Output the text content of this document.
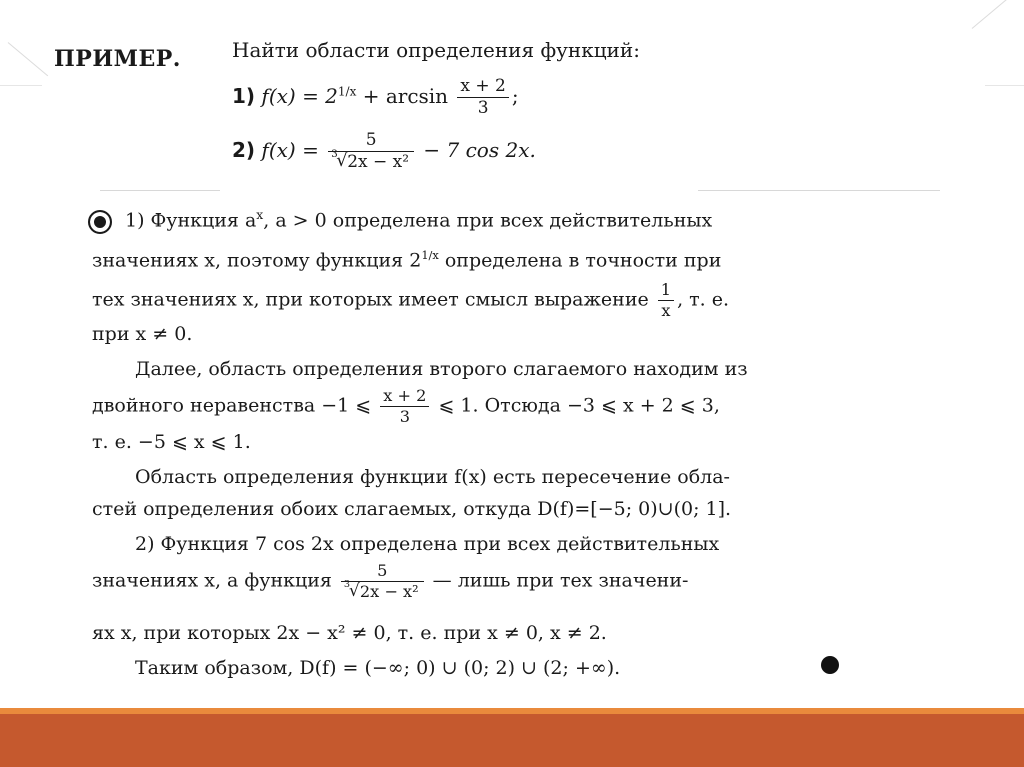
ПРИМЕР.	Найти области определения функций:
1) $f(x) = 2^{1/x} + \arcsin \frac{x + 2}{3}$ ;
2) f(x) = 5
3
√ 2x − x² − 7 cos 2x.
1) Функция $a^x$, a > 0 определена при всех действительных
значениях x, поэтому функция $2^{1/x}$ определена в точности при
тех значениях x, при которых имеет смысл выражение $\frac{1}{x}$ , т. е.
при x ≠ 0.
Далее, область определения второго слагаемого находим из
двойного неравенства −1 ⩽ $\frac{x + 2}{3}$ ⩽ 1. Отсюда −3 ⩽ x + 2 ⩽ 3,
т. е. −5 ⩽ x ⩽ 1.
Область определения функции f(x) есть пересечение обла-
стей определения обоих слагаемых, откуда D(f)=[−5; 0)∪(0; 1].
2) Функция 7 cos 2x определена при всех действительных
значениях x, а функция 5
3
√ 2x − x² — лишь при тех значени-
ях x, при которых 2x − x² ≠ 0, т. е. при x ≠ 0, x ≠ 2.
Таким образом, D(f) = (−∞; 0) ∪ (0; 2) ∪ (2; +∞).
